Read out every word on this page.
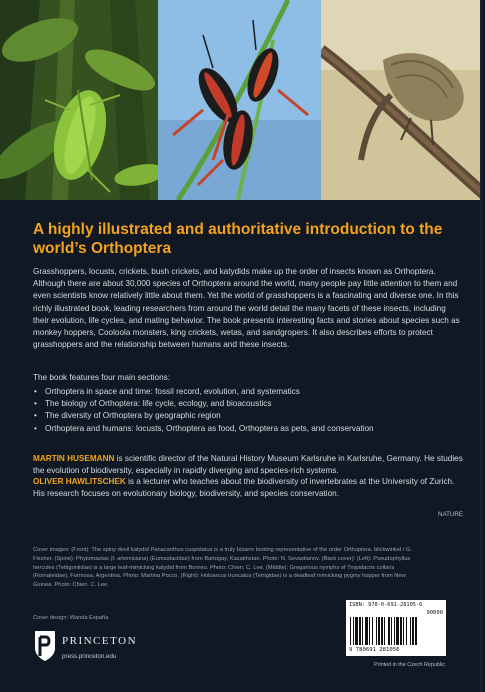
A highly illustrated and authoritative introduction to the world’s Orthoptera
Grasshoppers, locusts, crickets, bush crickets, and katydids make up the order of insects known as Orthoptera. Although there are about 30,000 species of Orthoptera around the world, many people pay little attention to them and even scientists know relatively little about them. Yet the world of grasshoppers is a fascinating and diverse one. In this richly illustrated book, leading researchers from around the world detail the many facets of these insects, including their evolution, life cycles, and mating behavior. The book presents interesting facts and stories about species such as monkey hoppers, Cooloola monsters, king crickets, wetas, and sandgropers. It also describes efforts to protect grasshoppers and the relationship between humans and these insects.
The book features four main sections:
• Orthoptera in space and time: fossil record, evolution, and systematics
• The biology of Orthoptera: life cycle, ecology, and bioacoustics
• The diversity of Orthoptera by geographic region
• Orthoptera and humans: locusts, Orthoptera as food, Orthoptera as pets, and conservation
MARTIN HUSEMANN is scientific director of the Natural History Museum Karlsruhe in Karlsruhe, Germany. He studies the evolution of biodiversity, especially in rapidly diverging and species-rich systems.
OLIVER HAWLITSCHEK is a lecturer who teaches about the biodiversity of invertebrates at the University of Zurich. His research focuses on evolutionary biology, biodiversity, and species conservation.
NATURE
Cover images: (Front): The spiny devil katydid Panacanthus cuspidatus is a truly bizarre looking representative of the order Orthoptera. blickwinkel / G. Fischer. (Spine): Phytomastax (f. artemisiana) (Eumastacidae) from Bartogay, Kazakhstan. Photo: N. Sevastianov. (Back cover): (Left): Pseudophyllus hercules (Tettigoniidae) is a large leaf-mimicking katydid from Borneo. Photo: Chien. C. Lee. (Middle): Gregarious nymphs of Tropidacris collaris (Romaleidae), Formosa, Argentina. Photo: Martina Pocco. (Right): Holoarcus truncatus (Tetrigidae) is a deadleaf mimicking pygmy hopper from New Guinea. Photo: Chien. C. Lee.
Cover design: Wanda España
PRINCETON
press.princeton.edu
ISBN: 978-0-691-28105-6
90000
9 780691 281056
Printed in the Czech Republic
